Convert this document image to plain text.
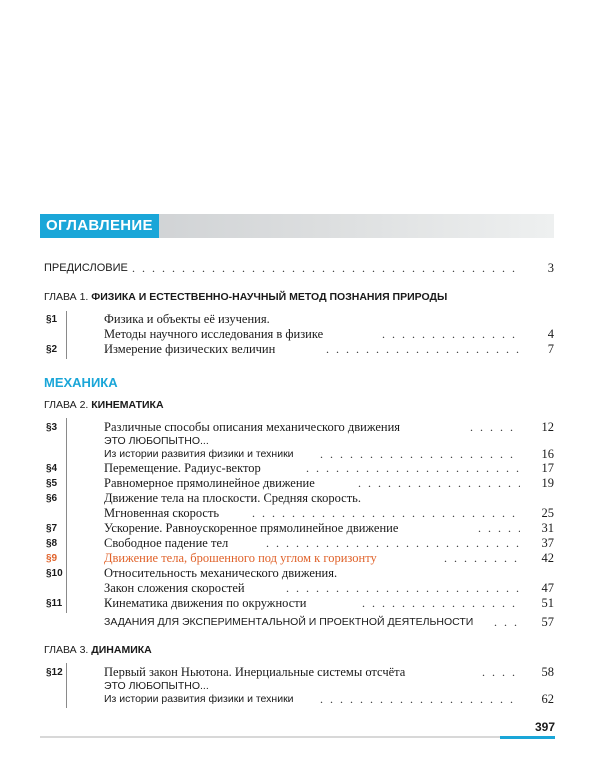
ОГЛАВЛЕНИЕ
ПРЕДИСЛОВИЕ . . .	3
ГЛАВА 1. ФИЗИКА И ЕСТЕСТВЕННО-НАУЧНЫЙ МЕТОД ПОЗНАНИЯ ПРИРОДЫ
§1	Физика и объекты её изучения.
Методы научного исследования в физике . . .	4
§2	Измерение физических величин . . .	7
МЕХАНИКА
ГЛАВА 2. КИНЕМАТИКА
§3	Различные способы описания механического движения . . .	12
ЭТО ЛЮБОПЫТНО...
Из истории развития физики и техники . . .	16
§4	Перемещение. Радиус-вектор . . .	17
§5	Равномерное прямолинейное движение . . .	19
§6	Движение тела на плоскости. Средняя скорость.
Мгновенная скорость . . .	25
§7	Ускорение. Равноускоренное прямолинейное движение . . .	31
§8	Свободное падение тел . . .	37
§9	Движение тела, брошенного под углом к горизонту . . .	42
§10	Относительность механического движения.
Закон сложения скоростей . . .	47
§11	Кинематика движения по окружности . . .	51
ЗАДАНИЯ ДЛЯ ЭКСПЕРИМЕНТАЛЬНОЙ И ПРОЕКТНОЙ ДЕЯТЕЛЬНОСТИ . . .	57
ГЛАВА 3. ДИНАМИКА
§12	Первый закон Ньютона. Инерциальные системы отсчёта . . .	58
ЭТО ЛЮБОПЫТНО...
Из истории развития физики и техники . . .	62
397
